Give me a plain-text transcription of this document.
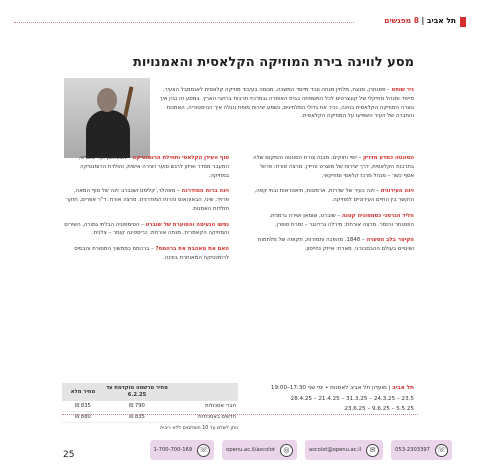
תל אביב | 8 מפגשים
מסע לווינה בירת המוזיקה הקלאסית והאמנויות

ניר שוחט – פסנתרן, מנצח, מלחין מנחה ונכד מייסד המשכה, מנוסה בעיבוד מוזיקה קלאסית לאנסמבל הצעיר, מייסד ומנהל מוזיקלי של קונצרטים לכל המשפחה בבית האופרה ובמרכזי תרבות ברחבי הארץ. במסע זה נבין איך נוצרה המוזיקה הקלאסית בווינה, נכיר את גדולי המלחינים, נשמע יצירות מופת ונגלה איך ההיסטוריה, האמנות והחברה של העיר השפיעו על המוזיקה הקלאסית.

הסונטה כמדע מדויק – יופי וחוקים: מבנה צורת הסונטה והמקום שלה בתרבות הקלאסית, דרך יצירות של מוצרט והיידן. מרצה אורח: פרופ' אסף כשר – מנהל מרכז קלאסי ומוזיקאי.

וינה העירונית – וינה כעיר של שדרות, ארמונות, תיאטראות ובתי קפה, והקשר בין החיים העירוניים למוזיקה.

הליד הגרמני כסמפוניה קטנה – שוברט, שומאן ושירה גרמנית, הפסנתר והזמר. מרצה אורחת: מירלה גרדינגר – זמרת סופרן.

הקיסר בלב הסערה – 1848, מהפכה ותמורות, תקופה של מלחמות ושינויים בעולם ההבסבורגי. מארח: אייזק נחייסון.

סוף העידן הקלאסי ותחילת הרומנטיקה – מבטהובן ועד שוברט, המעבר מסדר ואיזון לרגש סוער ויצירה אישית, והולדת הרומנטיקה במוזיקה.

וינה ברוח המודרנה – מאהלר, קלימט ושנברג: וינה של סוף המאה, פרויד, שיני, הבאוהאוס והרוח המודרנית. מרצה אורח: ד"ר אפרים, חוקר תולדות האמנות.

נפשו הנעימה והסוערת של שוברט – הסימפוניה הבלתי גמורה, השירים והמוזיקה הקאמרית. מנחה אורחת: כריסטינה קומר – צלנית.

האם את מאהבת את ברהמס? – ברהמס כממשיך המסורת והבסיס לרומנטיקה המאוחרת בווינה.

תל אביב | מועדון תל אביב לאמנות • ימי שני 17:30–19:00
23.5 – 24.3.25 – 31.3.25 – 21.4.25 – 28.4.25
5.5.25 – 9.6.25 – 23.6.25
מחיר מרשמה מוקדמת עד 6.2.25
מחיר מלא
חברי אסכולות
790 ₪
835 ₪
חדשים באסכולות
835 ₪
880 ₪
ניתן לשלם עד 10 תשלומים ללא ריבית
☏
053-2303397
✉
ascolot@openu.ac.il
◎
openu.ac.il/ascolot
☏
1-700-700-169
25
